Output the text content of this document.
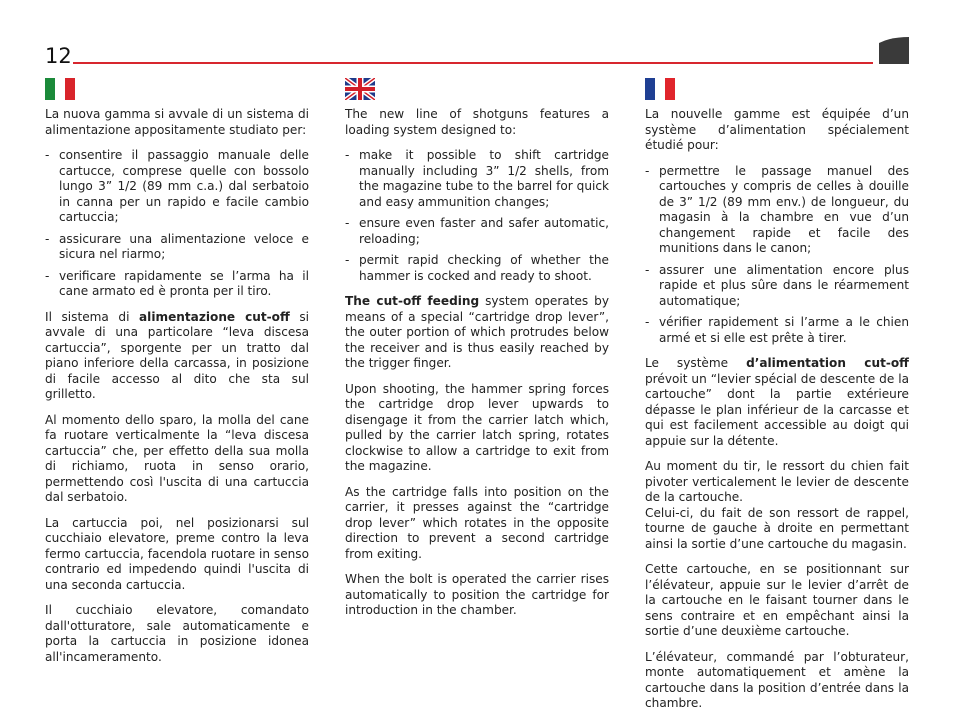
12

La nuova gamma si avvale di un sistema di alimentazione appositamente studiato per:

- consentire il passaggio manuale delle cartucce, comprese quelle con bossolo lungo 3” 1/2 (89 mm c.a.) dal serbatoio in canna per un rapido e facile cambio cartuccia;
- assicurare una alimentazione veloce e sicura nel riarmo;
- verificare rapidamente se l’arma ha il cane armato ed è pronta per il tiro.

Il sistema di alimentazione cut-off si avvale di una particolare “leva discesa cartuccia”, sporgente per un tratto dal piano inferiore della carcassa, in posizione di facile accesso al dito che sta sul grilletto.

Al momento dello sparo, la molla del cane fa ruotare verticalmente la “leva discesa cartuccia” che, per effetto della sua molla di richiamo, ruota in senso orario, permettendo così l'uscita di una cartuccia dal serbatoio.

La cartuccia poi, nel posizionarsi sul cucchiaio elevatore, preme contro la leva fermo cartuccia, facendola ruotare in senso contrario ed impedendo quindi l'uscita di una seconda cartuccia.

Il cucchiaio elevatore, comandato dall'otturatore, sale automaticamente e porta la cartuccia in posizione idonea all'incameramento.

The new line of shotguns features a loading system designed to:

- make it possible to shift cartridge manually including 3” 1/2 shells, from the magazine tube to the barrel for quick and easy ammunition changes;
- ensure even faster and safer automatic, reloading;
- permit rapid checking of whether the hammer is cocked and ready to shoot.

The cut-off feeding system operates by means of a special “cartridge drop lever”, the outer portion of which protrudes below the receiver and is thus easily reached by the trigger finger.

Upon shooting, the hammer spring forces the cartridge drop lever upwards to disengage it from the carrier latch which, pulled by the carrier latch spring, rotates clockwise to allow a cartridge to exit from the magazine.

As the cartridge falls into position on the carrier, it presses against the “cartridge drop lever” which rotates in the opposite direction to prevent a second cartridge from exiting.

When the bolt is operated the carrier rises automatically to position the cartridge for introduction in the chamber.

La nouvelle gamme est équipée d’un système d’alimentation spécialement étudié pour:

- permettre le passage manuel des cartouches y compris de celles à douille de 3” 1/2 (89 mm env.) de longueur, du magasin à la chambre en vue d’un changement rapide et facile des munitions dans le canon;
- assurer une alimentation encore plus rapide et plus sûre dans le réarmement automatique;
- vérifier rapidement si l’arme a le chien armé et si elle est prête à tirer.

Le système d’alimentation cut-off prévoit un “levier spécial de descente de la cartouche” dont la partie extérieure dépasse le plan inférieur de la carcasse et qui est facilement accessible au doigt qui appuie sur la détente.

Au moment du tir, le ressort du chien fait pivoter verticalement le levier de descente de la cartouche.
Celui-ci, du fait de son ressort de rappel, tourne de gauche à droite en permettant ainsi la sortie d’une cartouche du magasin.

Cette cartouche, en se positionnant sur l’élévateur, appuie sur le levier d’arrêt de la cartouche en le faisant tourner dans le sens contraire et en empêchant ainsi la sortie d’une deuxième cartouche.

L’élévateur, commandé par l’obturateur, monte automatiquement et amène la cartouche dans la position d’entrée dans la chambre.
